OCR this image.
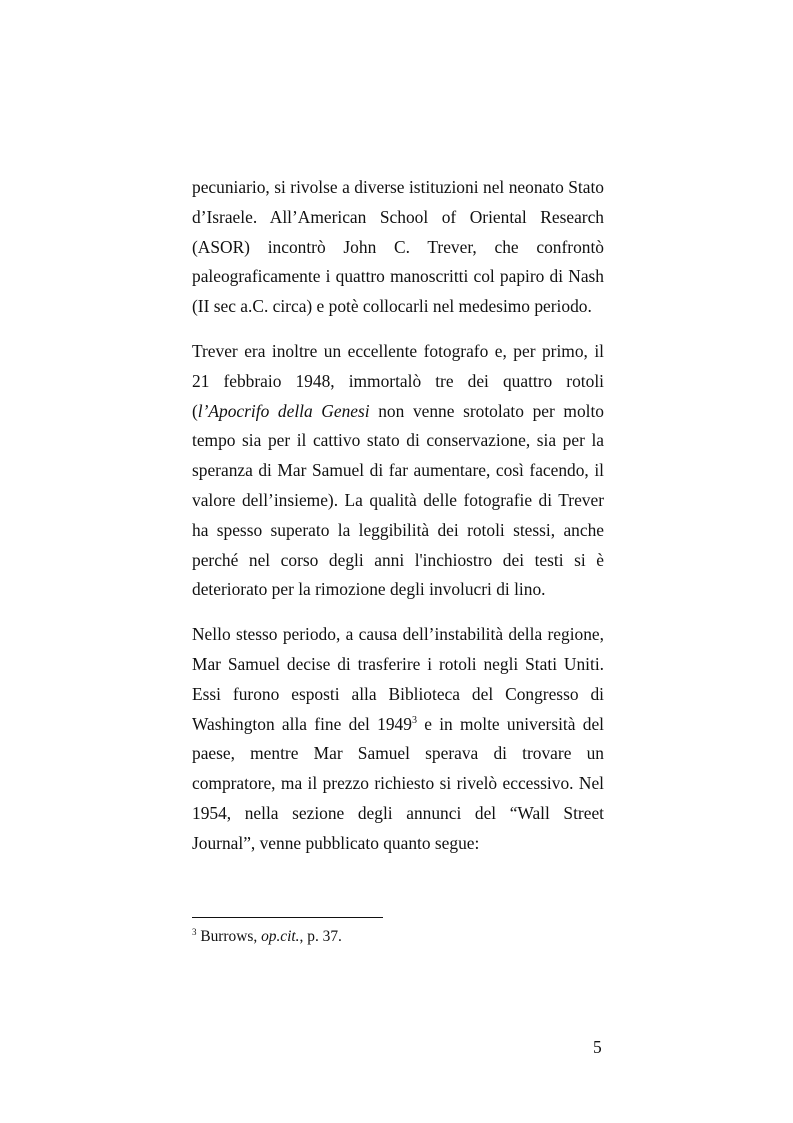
pecuniario, si rivolse a diverse istituzioni nel neonato Stato
d’Israele. All’American School of Oriental Research
(ASOR) incontrò John C. Trever, che confrontò
paleograficamente i quattro manoscritti col papiro di Nash
(II sec a.C. circa) e potè collocarli nel medesimo periodo.

Trever era inoltre un eccellente fotografo e, per primo, il
21 febbraio 1948, immortalò tre dei quattro rotoli
(l’Apocrifo della Genesi non venne srotolato per molto
tempo sia per il cattivo stato di conservazione, sia per la
speranza di Mar Samuel di far aumentare, così facendo, il
valore dell’insieme). La qualità delle fotografie di Trever
ha spesso superato la leggibilità dei rotoli stessi, anche
perché nel corso degli anni l'inchiostro dei testi si è
deteriorato per la rimozione degli involucri di lino.

Nello stesso periodo, a causa dell’instabilità della regione,
Mar Samuel decise di trasferire i rotoli negli Stati Uniti.
Essi furono esposti alla Biblioteca del Congresso di
Washington alla fine del 1949$^3$ e in molte università del
paese, mentre Mar Samuel sperava di trovare un
compratore, ma il prezzo richiesto si rivelò eccessivo. Nel
1954, nella sezione degli annunci del “Wall Street
Journal”, venne pubblicato quanto segue:

$^3$ Burrows, op.cit., p. 37.
5
